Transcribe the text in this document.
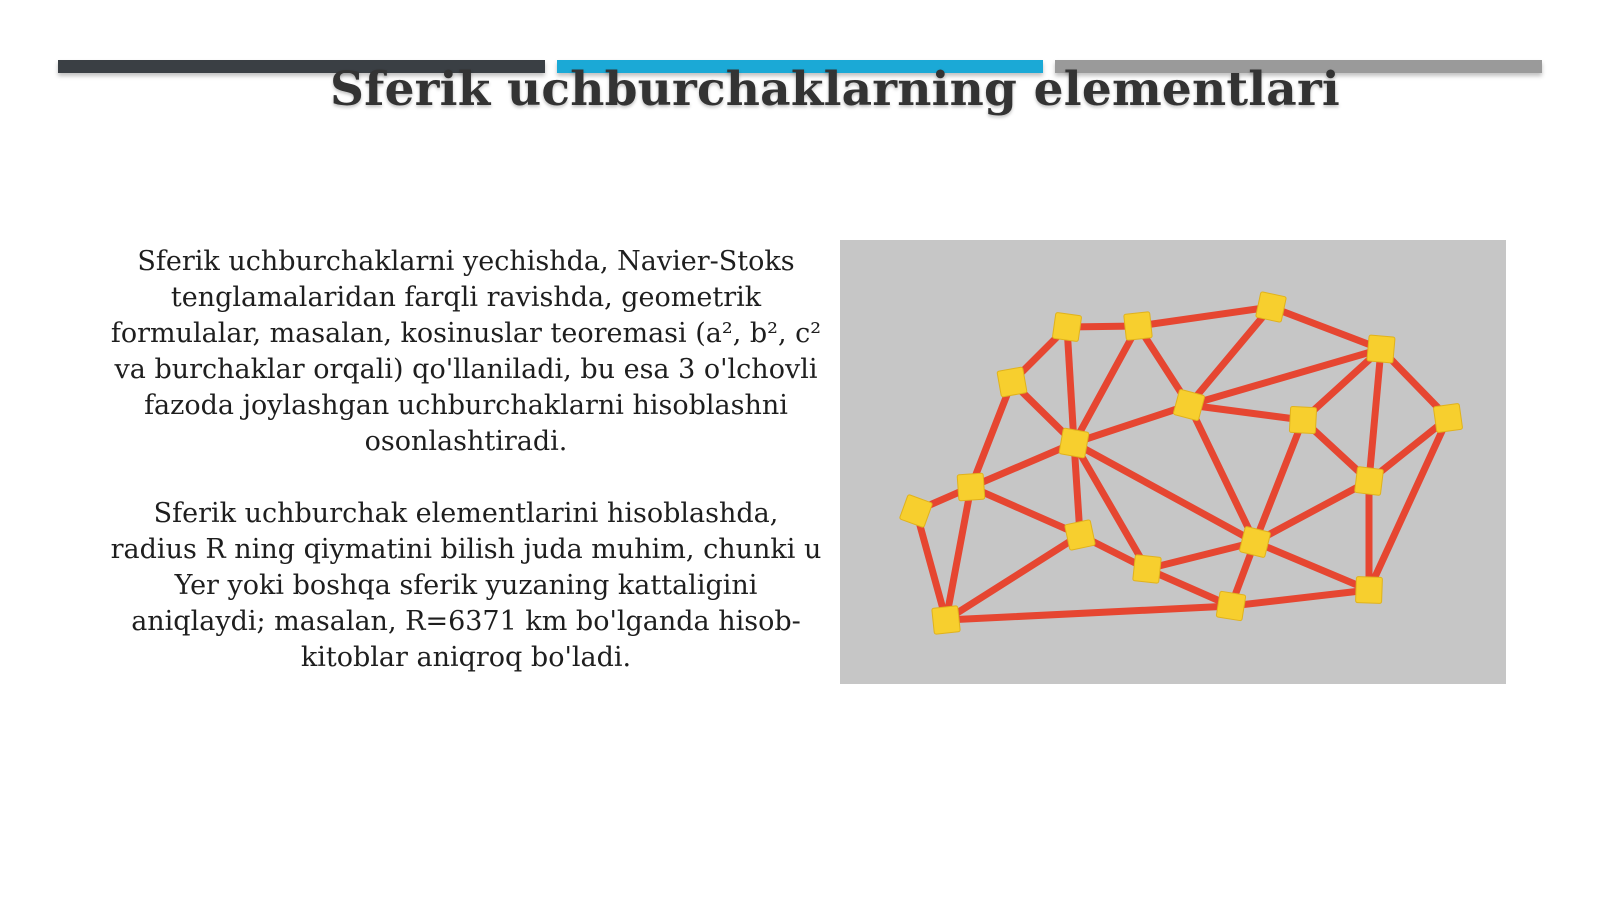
Sferik uchburchaklarning elementlari

Sferik uchburchaklarni yechishda, Navier-Stoks tenglamalaridan farqli ravishda, geometrik formulalar, masalan, kosinuslar teoremasi (a², b², c² va burchaklar orqali) qo'llaniladi, bu esa 3 o'lchovli fazoda joylashgan uchburchaklarni hisoblashni osonlashtiradi.

Sferik uchburchak elementlarini hisoblashda, radius R ning qiymatini bilish juda muhim, chunki u Yer yoki boshqa sferik yuzaning kattaligini aniqlaydi; masalan, R=6371 km bo'lganda hisob-kitoblar aniqroq bo'ladi.
